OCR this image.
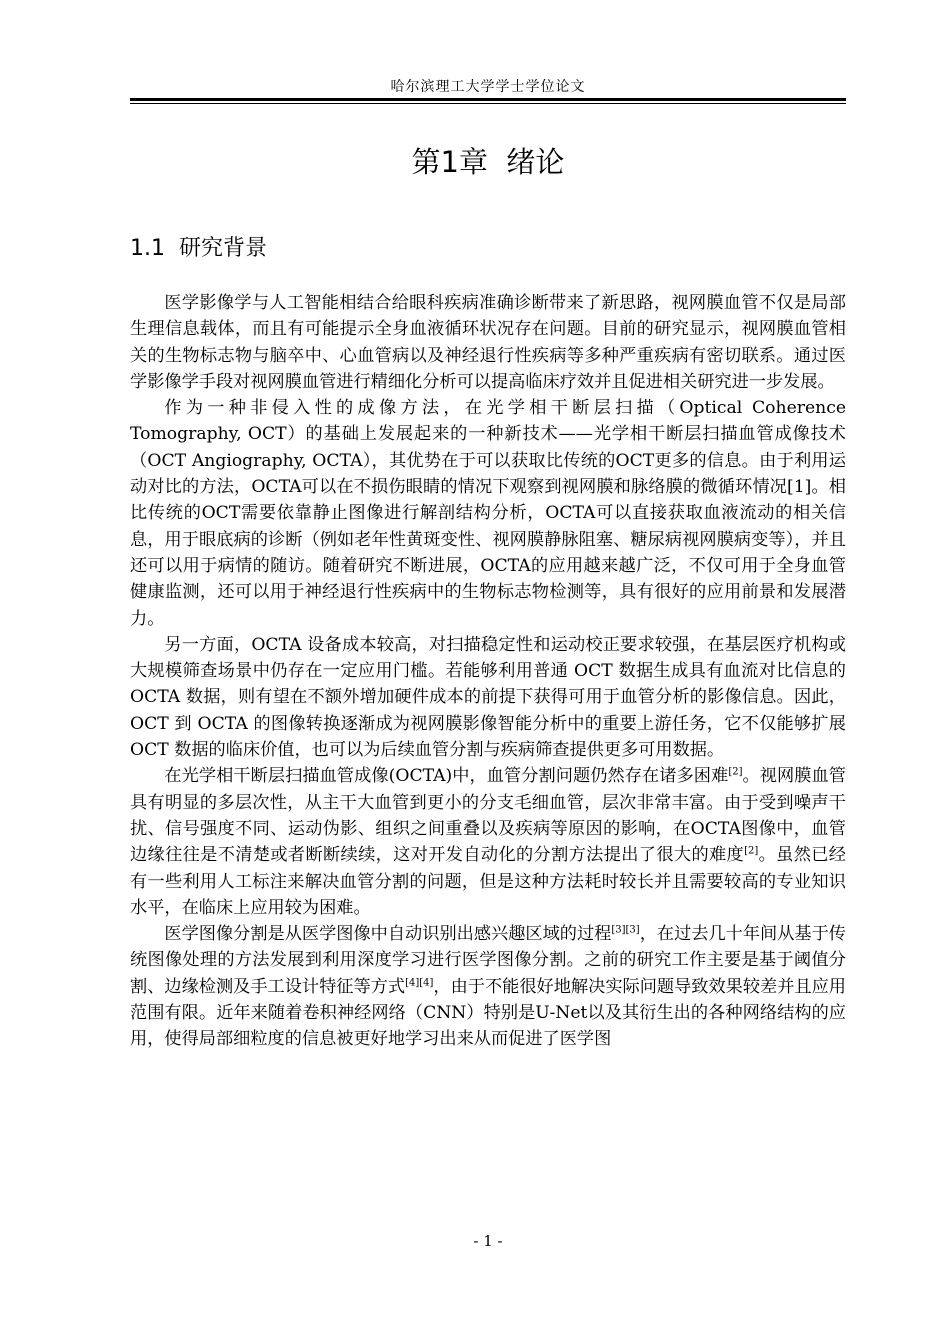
哈尔滨理工大学学士学位论文
第1章  绪论
1.1  研究背景

医学影像学与人工智能相结合给眼科疾病准确诊断带来了新思路，视网膜血管不仅是局部生理信息载体，而且有可能提示全身血液循环状况存在问题。目前的研究显示，视网膜血管相关的生物标志物与脑卒中、心血管病以及神经退行性疾病等多种严重疾病有密切联系。通过医学影像学手段对视网膜血管进行精细化分析可以提高临床疗效并且促进相关研究进一步发展。

作为一种非侵入性的成像方法，在光学相干断层扫描（Optical Coherence Tomography, OCT）的基础上发展起来的一种新技术——光学相干断层扫描血管成像技术（OCT Angiography, OCTA），其优势在于可以获取比传统的OCT更多的信息。由于利用运动对比的方法，OCTA可以在不损伤眼睛的情况下观察到视网膜和脉络膜的微循环情况[1]。相比传统的OCT需要依靠静止图像进行解剖结构分析，OCTA可以直接获取血液流动的相关信息，用于眼底病的诊断（例如老年性黄斑变性、视网膜静脉阻塞、糖尿病视网膜病变等），并且还可以用于病情的随访。随着研究不断进展，OCTA的应用越来越广泛，不仅可用于全身血管健康监测，还可以用于神经退行性疾病中的生物标志物检测等，具有很好的应用前景和发展潜力。

另一方面，OCTA 设备成本较高，对扫描稳定性和运动校正要求较强，在基层医疗机构或大规模筛查场景中仍存在一定应用门槛。若能够利用普通 OCT 数据生成具有血流对比信息的 OCTA 数据，则有望在不额外增加硬件成本的前提下获得可用于血管分析的影像信息。因此，OCT 到 OCTA 的图像转换逐渐成为视网膜影像智能分析中的重要上游任务，它不仅能够扩展 OCT 数据的临床价值，也可以为后续血管分割与疾病筛查提供更多可用数据。

在光学相干断层扫描血管成像(OCTA)中，血管分割问题仍然存在诸多困难[2]。视网膜血管具有明显的多层次性，从主干大血管到更小的分支毛细血管，层次非常丰富。由于受到噪声干扰、信号强度不同、运动伪影、组织之间重叠以及疾病等原因的影响，在OCTA图像中，血管边缘往往是不清楚或者断断续续，这对开发自动化的分割方法提出了很大的难度[2]。虽然已经有一些利用人工标注来解决血管分割的问题，但是这种方法耗时较长并且需要较高的专业知识水平，在临床上应用较为困难。

医学图像分割是从医学图像中自动识别出感兴趣区域的过程[3][3]，在过去几十年间从基于传统图像处理的方法发展到利用深度学习进行医学图像分割。之前的研究工作主要是基于阈值分割、边缘检测及手工设计特征等方式[4][4]，由于不能很好地解决实际问题导致效果较差并且应用范围有限。近年来随着卷积神经网络（CNN）特别是U-Net以及其衍生出的各种网络结构的应用，使得局部细粒度的信息被更好地学习出来从而促进了医学图

- 1 -
